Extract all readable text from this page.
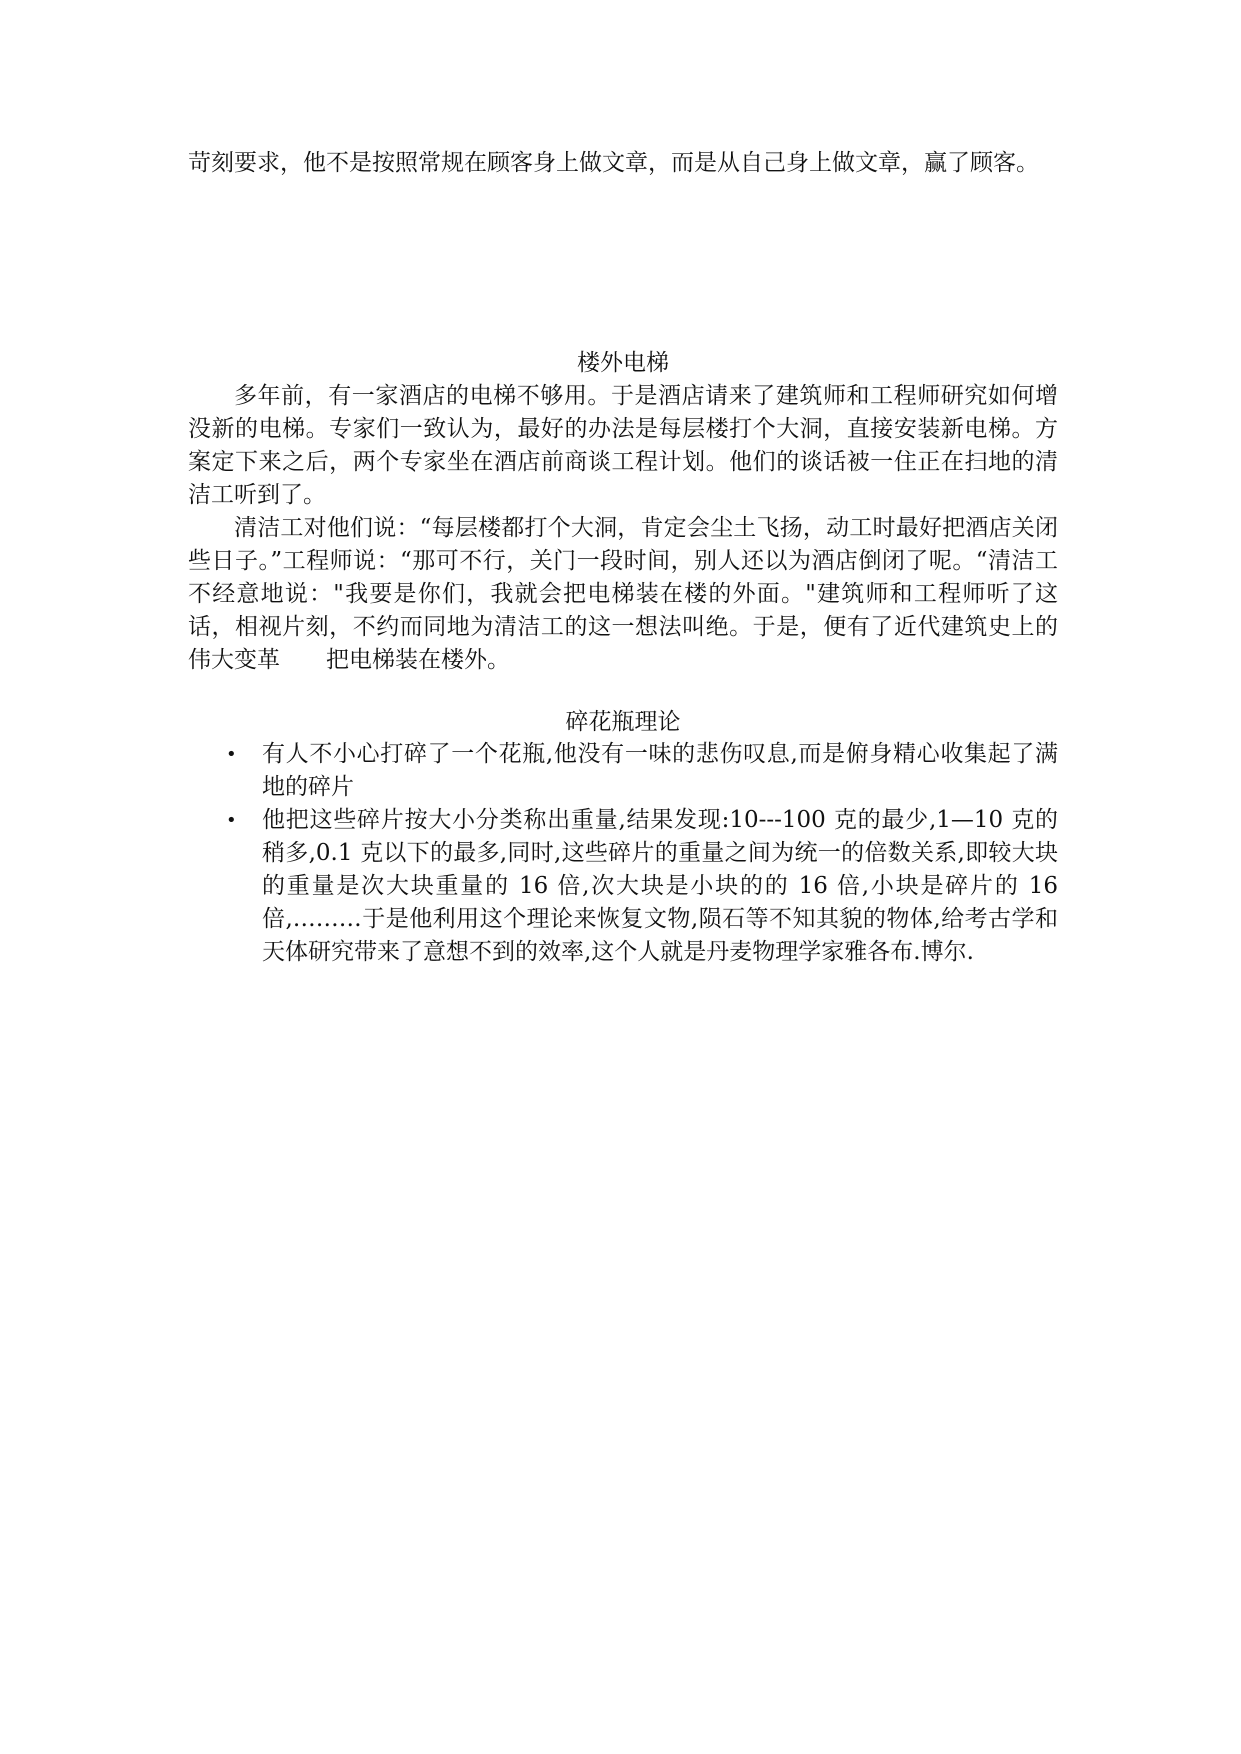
苛刻要求，他不是按照常规在顾客身上做文章，而是从自己身上做文章，赢了顾客。
楼外电梯

多年前，有一家酒店的电梯不够用。于是酒店请来了建筑师和工程师研究如何增没新的电梯。专家们一致认为，最好的办法是每层楼打个大洞，直接安装新电梯。方案定下来之后，两个专家坐在酒店前商谈工程计划。他们的谈话被一住正在扫地的清洁工听到了。

清洁工对他们说：“每层楼都打个大洞，肯定会尘土飞扬，动工时最好把酒店关闭些日子。”工程师说：“那可不行，关门一段时间，别人还以为酒店倒闭了呢。“清洁工不经意地说："我要是你们，我就会把电梯装在楼的外面。"建筑师和工程师听了这话，相视片刻，不约而同地为清洁工的这一想法叫绝。于是，便有了近代建筑史上的伟大变革　　把电梯装在楼外。

碎花瓶理论
• 有人不小心打碎了一个花瓶,他没有一味的悲伤叹息,而是俯身精心收集起了满地的碎片
• 他把这些碎片按大小分类称出重量,结果发现:10---100 克的最少,1—10 克的稍多,0.1 克以下的最多,同时,这些碎片的重量之间为统一的倍数关系,即较大块的重量是次大块重量的 16 倍,次大块是小块的的 16 倍,小块是碎片的 16 倍,………于是他利用这个理论来恢复文物,陨石等不知其貌的物体,给考古学和天体研究带来了意想不到的效率,这个人就是丹麦物理学家雅各布.博尔.
